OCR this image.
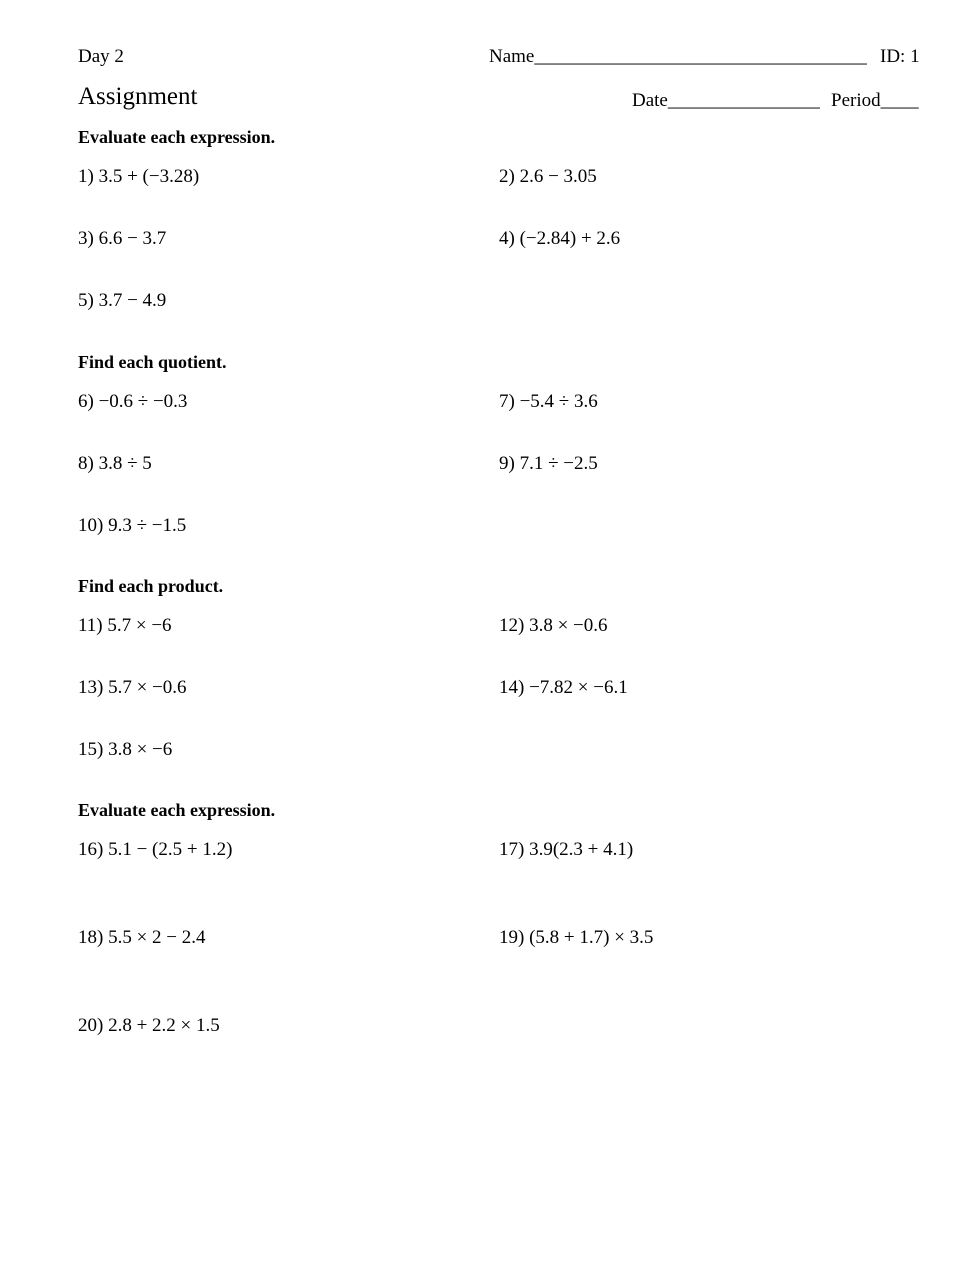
Day 2	Name___________________________________ ID: 1
Assignment	Date________________ Period____
Evaluate each expression.
1) 3.5 + (−3.28)	2) 2.6 − 3.05
3) 6.6 − 3.7	4) (−2.84) + 2.6
5) 3.7 − 4.9
Find each quotient.
6) −0.6 ÷ −0.3	7) −5.4 ÷ 3.6
8) 3.8 ÷ 5	9) 7.1 ÷ −2.5
10) 9.3 ÷ −1.5
Find each product.
11) 5.7 × −6	12) 3.8 × −0.6
13) 5.7 × −0.6	14) −7.82 × −6.1
15) 3.8 × −6
Evaluate each expression.
16) 5.1 − (2.5 + 1.2)	17) 3.9(2.3 + 4.1)
18) 5.5 × 2 − 2.4	19) (5.8 + 1.7) × 3.5
20) 2.8 + 2.2 × 1.5
